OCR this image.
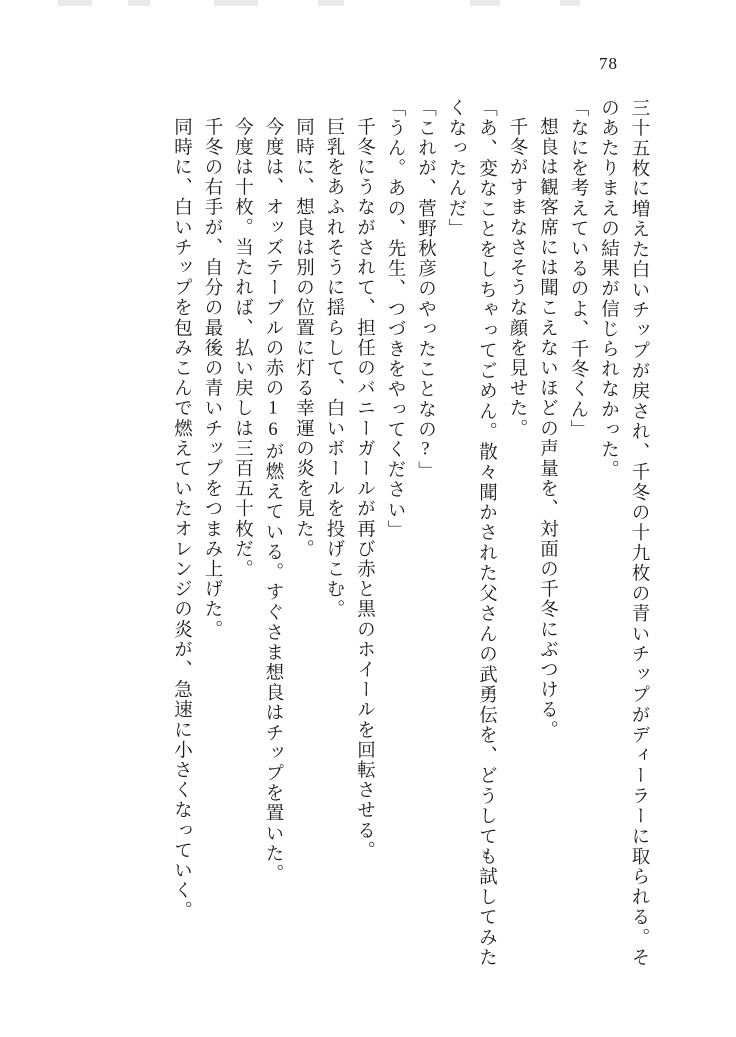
78

三十五枚に増えた白いチップが戻され、千冬の十九枚の青いチップがディーラーに取られる。そのあたりまえの結果が信じられなかった。

「なにを考えているのよ、千冬くん」

想良は観客席には聞こえないほどの声量を、対面の千冬にぶつける。

千冬がすまなさそうな顔を見せた。

「あ、変なことをしちゃってごめん。散々聞かされた父さんの武勇伝を、どうしても試してみたくなったんだ」

「これが、菅野秋彦のやったことなの?」

「うん。あの、先生、つづきをやってください」

千冬にうながされて、担任のバニーガールが再び赤と黒のホイールを回転させる。

巨乳をあふれそうに揺らして、白いボールを投げこむ。

同時に、想良は別の位置に灯る幸運の炎を見た。

今度は、オッズテーブルの赤の16が燃えている。すぐさま想良はチップを置いた。

今度は十枚。当たれば、払い戻しは三百五十枚だ。

千冬の右手が、自分の最後の青いチップをつまみ上げた。

同時に、白いチップを包みこんで燃えていたオレンジの炎が、急速に小さくなっていく。
